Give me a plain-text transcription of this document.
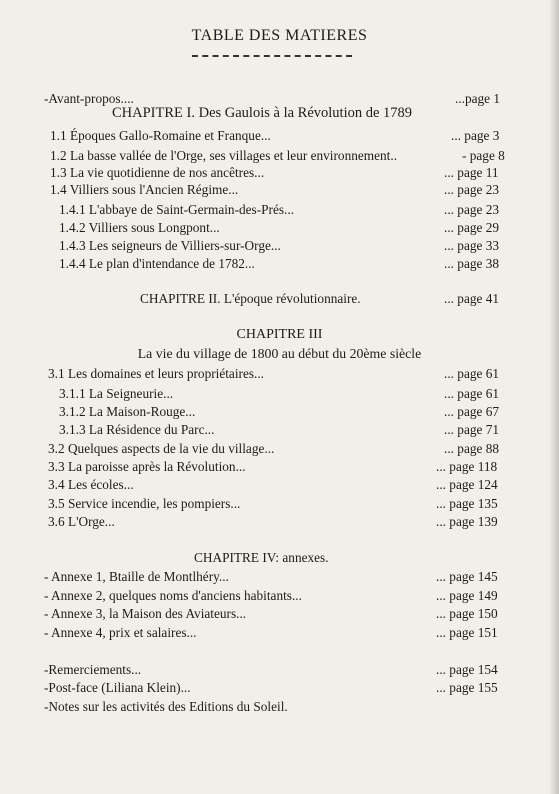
TABLE DES MATIERES
-Avant-propos....	...page 1
CHAPITRE I. Des Gaulois à la Révolution de 1789
1.1 Époques Gallo-Romaine et Franque...	... page 3
1.2 La basse vallée de l'Orge, ses villages et leur environnement..	- page 8
1.3 La vie quotidienne de nos ancêtres...	... page 11
1.4 Villiers sous l'Ancien Régime...	... page 23
1.4.1 L'abbaye de Saint-Germain-des-Prés...	... page 23
1.4.2 Villiers sous Longpont...	... page 29
1.4.3 Les seigneurs de Villiers-sur-Orge...	... page 33
1.4.4 Le plan d'intendance de 1782...	... page 38
CHAPITRE II. L'époque révolutionnaire.	... page 41
CHAPITRE III
La vie du village de 1800 au début du 20ème siècle
3.1 Les domaines et leurs propriétaires...	... page 61
3.1.1 La Seigneurie...	... page 61
3.1.2 La Maison-Rouge...	... page 67
3.1.3 La Résidence du Parc...	... page 71
3.2 Quelques aspects de la vie du village...	... page 88
3.3 La paroisse après la Révolution...	... page 118
3.4 Les écoles...	... page 124
3.5 Service incendie, les pompiers...	... page 135
3.6 L'Orge...	... page 139
CHAPITRE IV: annexes.
- Annexe 1, Btaille de Montlhéry...	... page 145
- Annexe 2, quelques noms d'anciens habitants...	... page 149
- Annexe 3, la Maison des Aviateurs...	... page 150
- Annexe 4, prix et salaires...	... page 151
-Remerciements...	... page 154
-Post-face (Liliana Klein)...	... page 155
-Notes sur les activités des Editions du Soleil.
